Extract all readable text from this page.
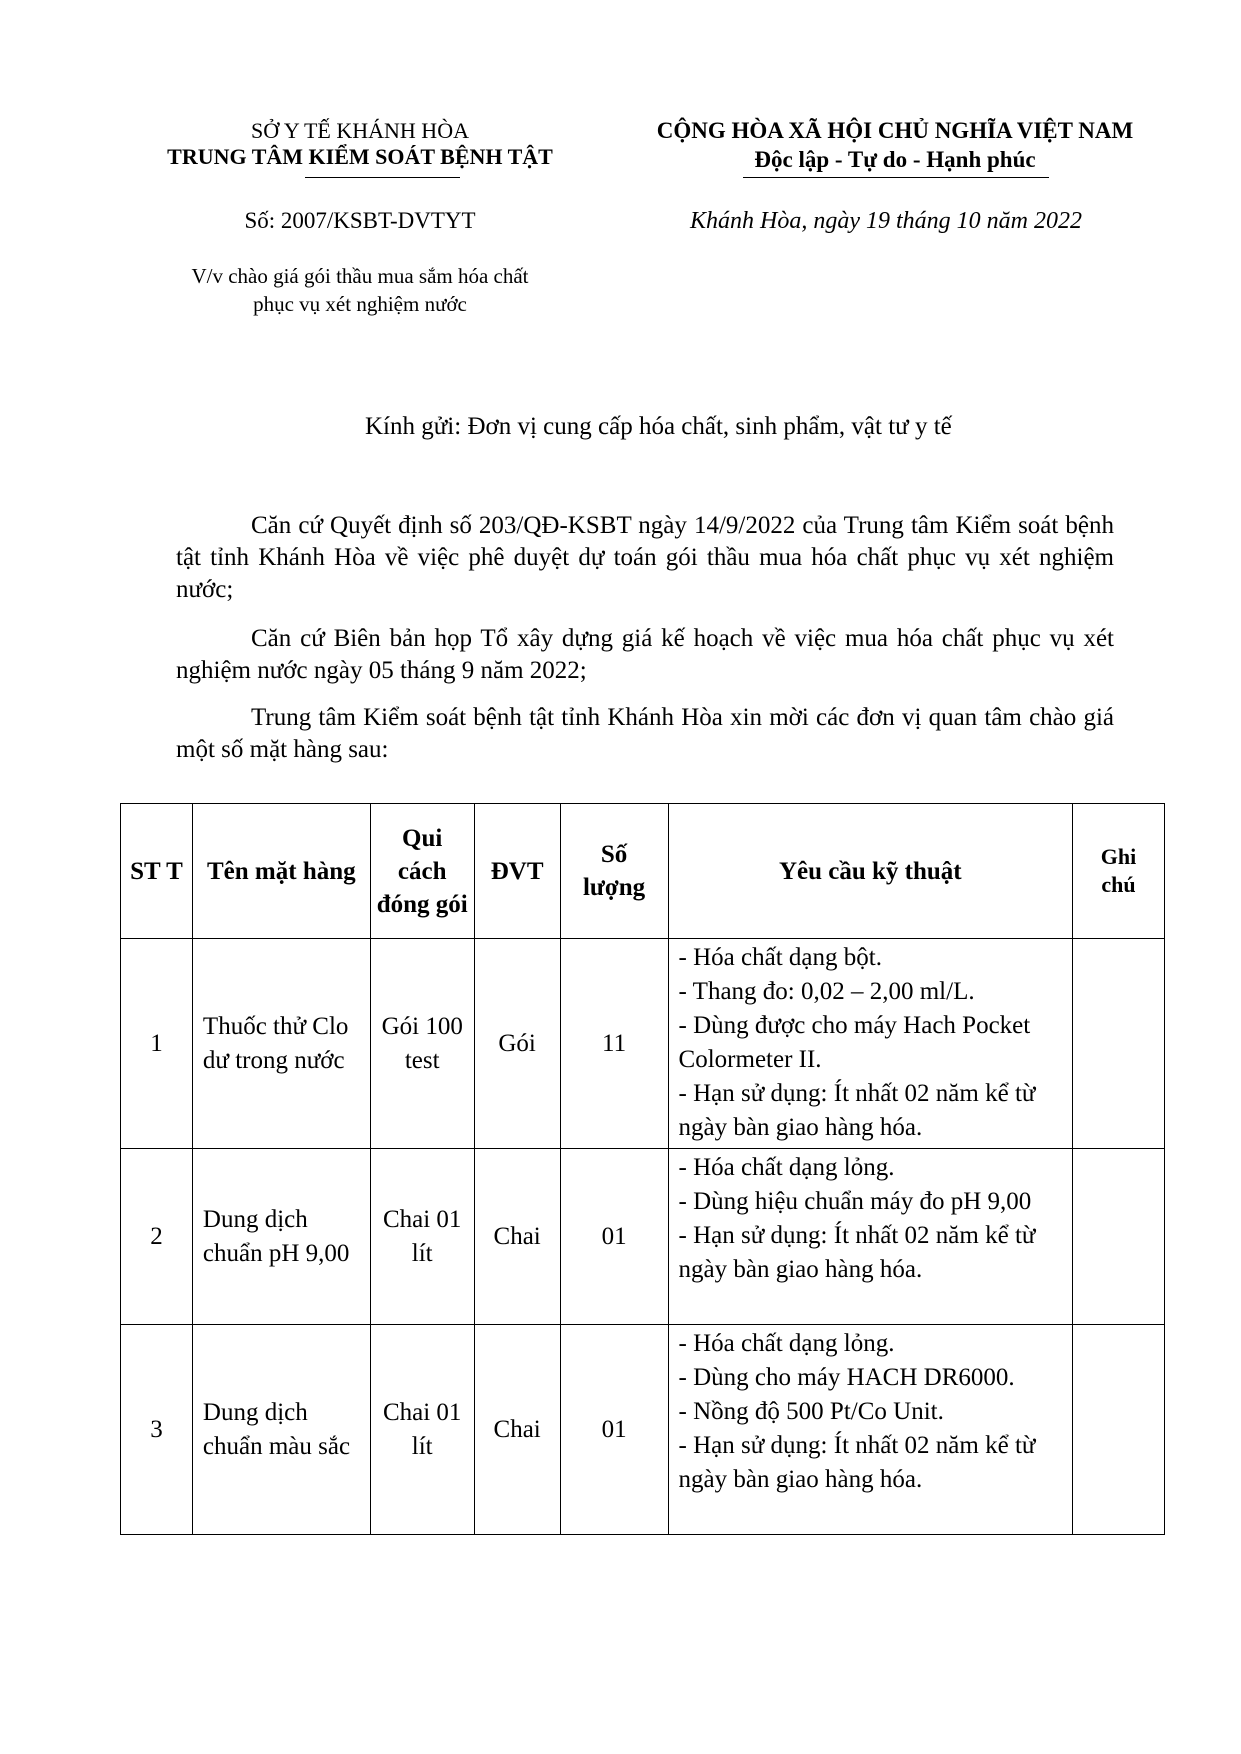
SỞ Y TẾ KHÁNH HÒA
TRUNG TÂM KIỂM SOÁT BỆNH TẬT
Số: 2007/KSBT-DVTYT
V/v chào giá gói thầu mua sắm hóa chất
phục vụ xét nghiệm nước
CỘNG HÒA XÃ HỘI CHỦ NGHĨA VIỆT NAM
Độc lập - Tự do - Hạnh phúc
Khánh Hòa, ngày 19 tháng 10 năm 2022
Kính gửi: Đơn vị cung cấp hóa chất, sinh phẩm, vật tư y tế
Căn cứ Quyết định số 203/QĐ-KSBT ngày 14/9/2022 của Trung tâm Kiểm soát bệnh tật tỉnh Khánh Hòa về việc phê duyệt dự toán gói thầu mua hóa chất phục vụ xét nghiệm nước;
Căn cứ Biên bản họp Tổ xây dựng giá kế hoạch về việc mua hóa chất phục vụ xét nghiệm nước ngày 05 tháng 9 năm 2022;
Trung tâm Kiểm soát bệnh tật tỉnh Khánh Hòa xin mời các đơn vị quan tâm chào giá một số mặt hàng sau:
ST T	Tên mặt hàng	Qui cách đóng gói	ĐVT	Số lượng	Yêu cầu kỹ thuật	Ghi chú
1	Thuốc thử Clo dư trong nước	Gói 100 test	Gói	11	- Hóa chất dạng bột.
- Thang đo: 0,02 – 2,00 ml/L.
- Dùng được cho máy Hach Pocket Colormeter II.
- Hạn sử dụng: Ít nhất 02 năm kể từ ngày bàn giao hàng hóa.	

2	Dung dịch chuẩn pH 9,00	Chai 01 lít	Chai	01	- Hóa chất dạng lỏng.
- Dùng hiệu chuẩn máy đo pH 9,00
- Hạn sử dụng: Ít nhất 02 năm kể từ ngày bàn giao hàng hóa.	

3	Dung dịch chuẩn màu sắc	Chai 01 lít	Chai	01	- Hóa chất dạng lỏng.
- Dùng cho máy HACH DR6000.
- Nồng độ 500 Pt/Co Unit.
- Hạn sử dụng: Ít nhất 02 năm kể từ ngày bàn giao hàng hóa.	
